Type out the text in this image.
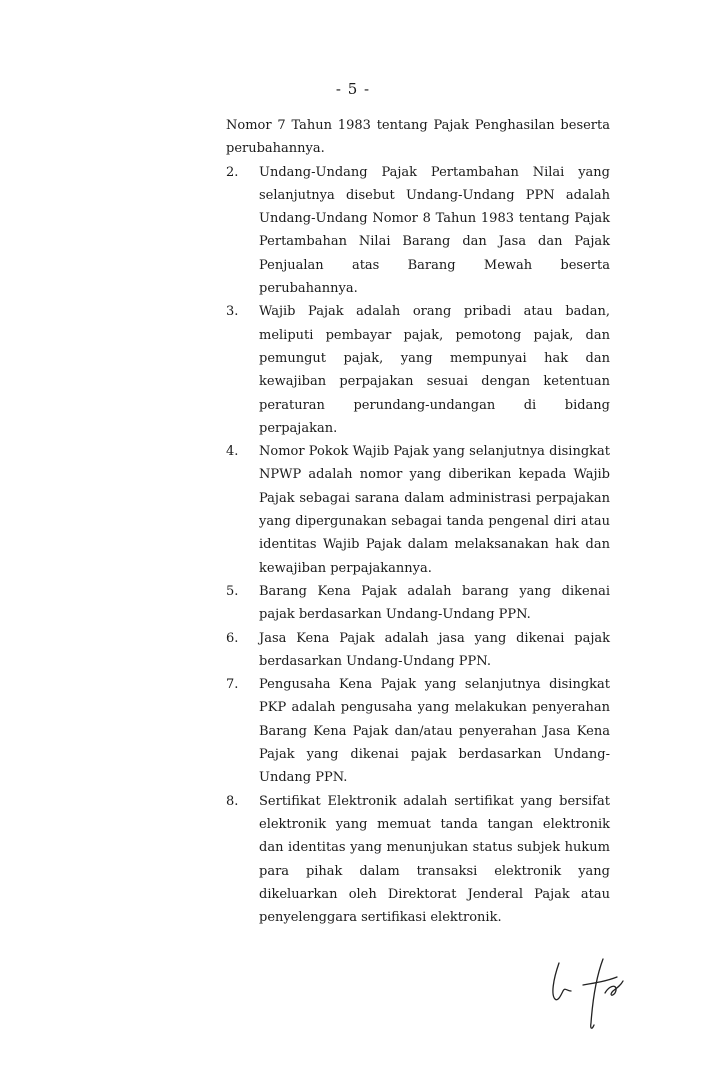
- 5 -
Nomor 7 Tahun 1983 tentang Pajak Penghasilan beserta perubahannya.
2. Undang-Undang Pajak Pertambahan Nilai yang selanjutnya disebut Undang-Undang PPN adalah Undang-Undang Nomor 8 Tahun 1983 tentang Pajak Pertambahan Nilai Barang dan Jasa dan Pajak Penjualan atas Barang Mewah beserta perubahannya.
3. Wajib Pajak adalah orang pribadi atau badan, meliputi pembayar pajak, pemotong pajak, dan pemungut pajak, yang mempunyai hak dan kewajiban perpajakan sesuai dengan ketentuan peraturan perundang-undangan di bidang perpajakan.
4. Nomor Pokok Wajib Pajak yang selanjutnya disingkat NPWP adalah nomor yang diberikan kepada Wajib Pajak sebagai sarana dalam administrasi perpajakan yang dipergunakan sebagai tanda pengenal diri atau identitas Wajib Pajak dalam melaksanakan hak dan kewajiban perpajakannya.
5. Barang Kena Pajak adalah barang yang dikenai pajak berdasarkan Undang-Undang PPN.
6. Jasa Kena Pajak adalah jasa yang dikenai pajak berdasarkan Undang-Undang PPN.
7. Pengusaha Kena Pajak yang selanjutnya disingkat PKP adalah pengusaha yang melakukan penyerahan Barang Kena Pajak dan/atau penyerahan Jasa Kena Pajak yang dikenai pajak berdasarkan Undang-Undang PPN.
8. Sertifikat Elektronik adalah sertifikat yang bersifat elektronik yang memuat tanda tangan elektronik dan identitas yang menunjukan status subjek hukum para pihak dalam transaksi elektronik yang dikeluarkan oleh Direktorat Jenderal Pajak atau penyelenggara sertifikasi elektronik.
